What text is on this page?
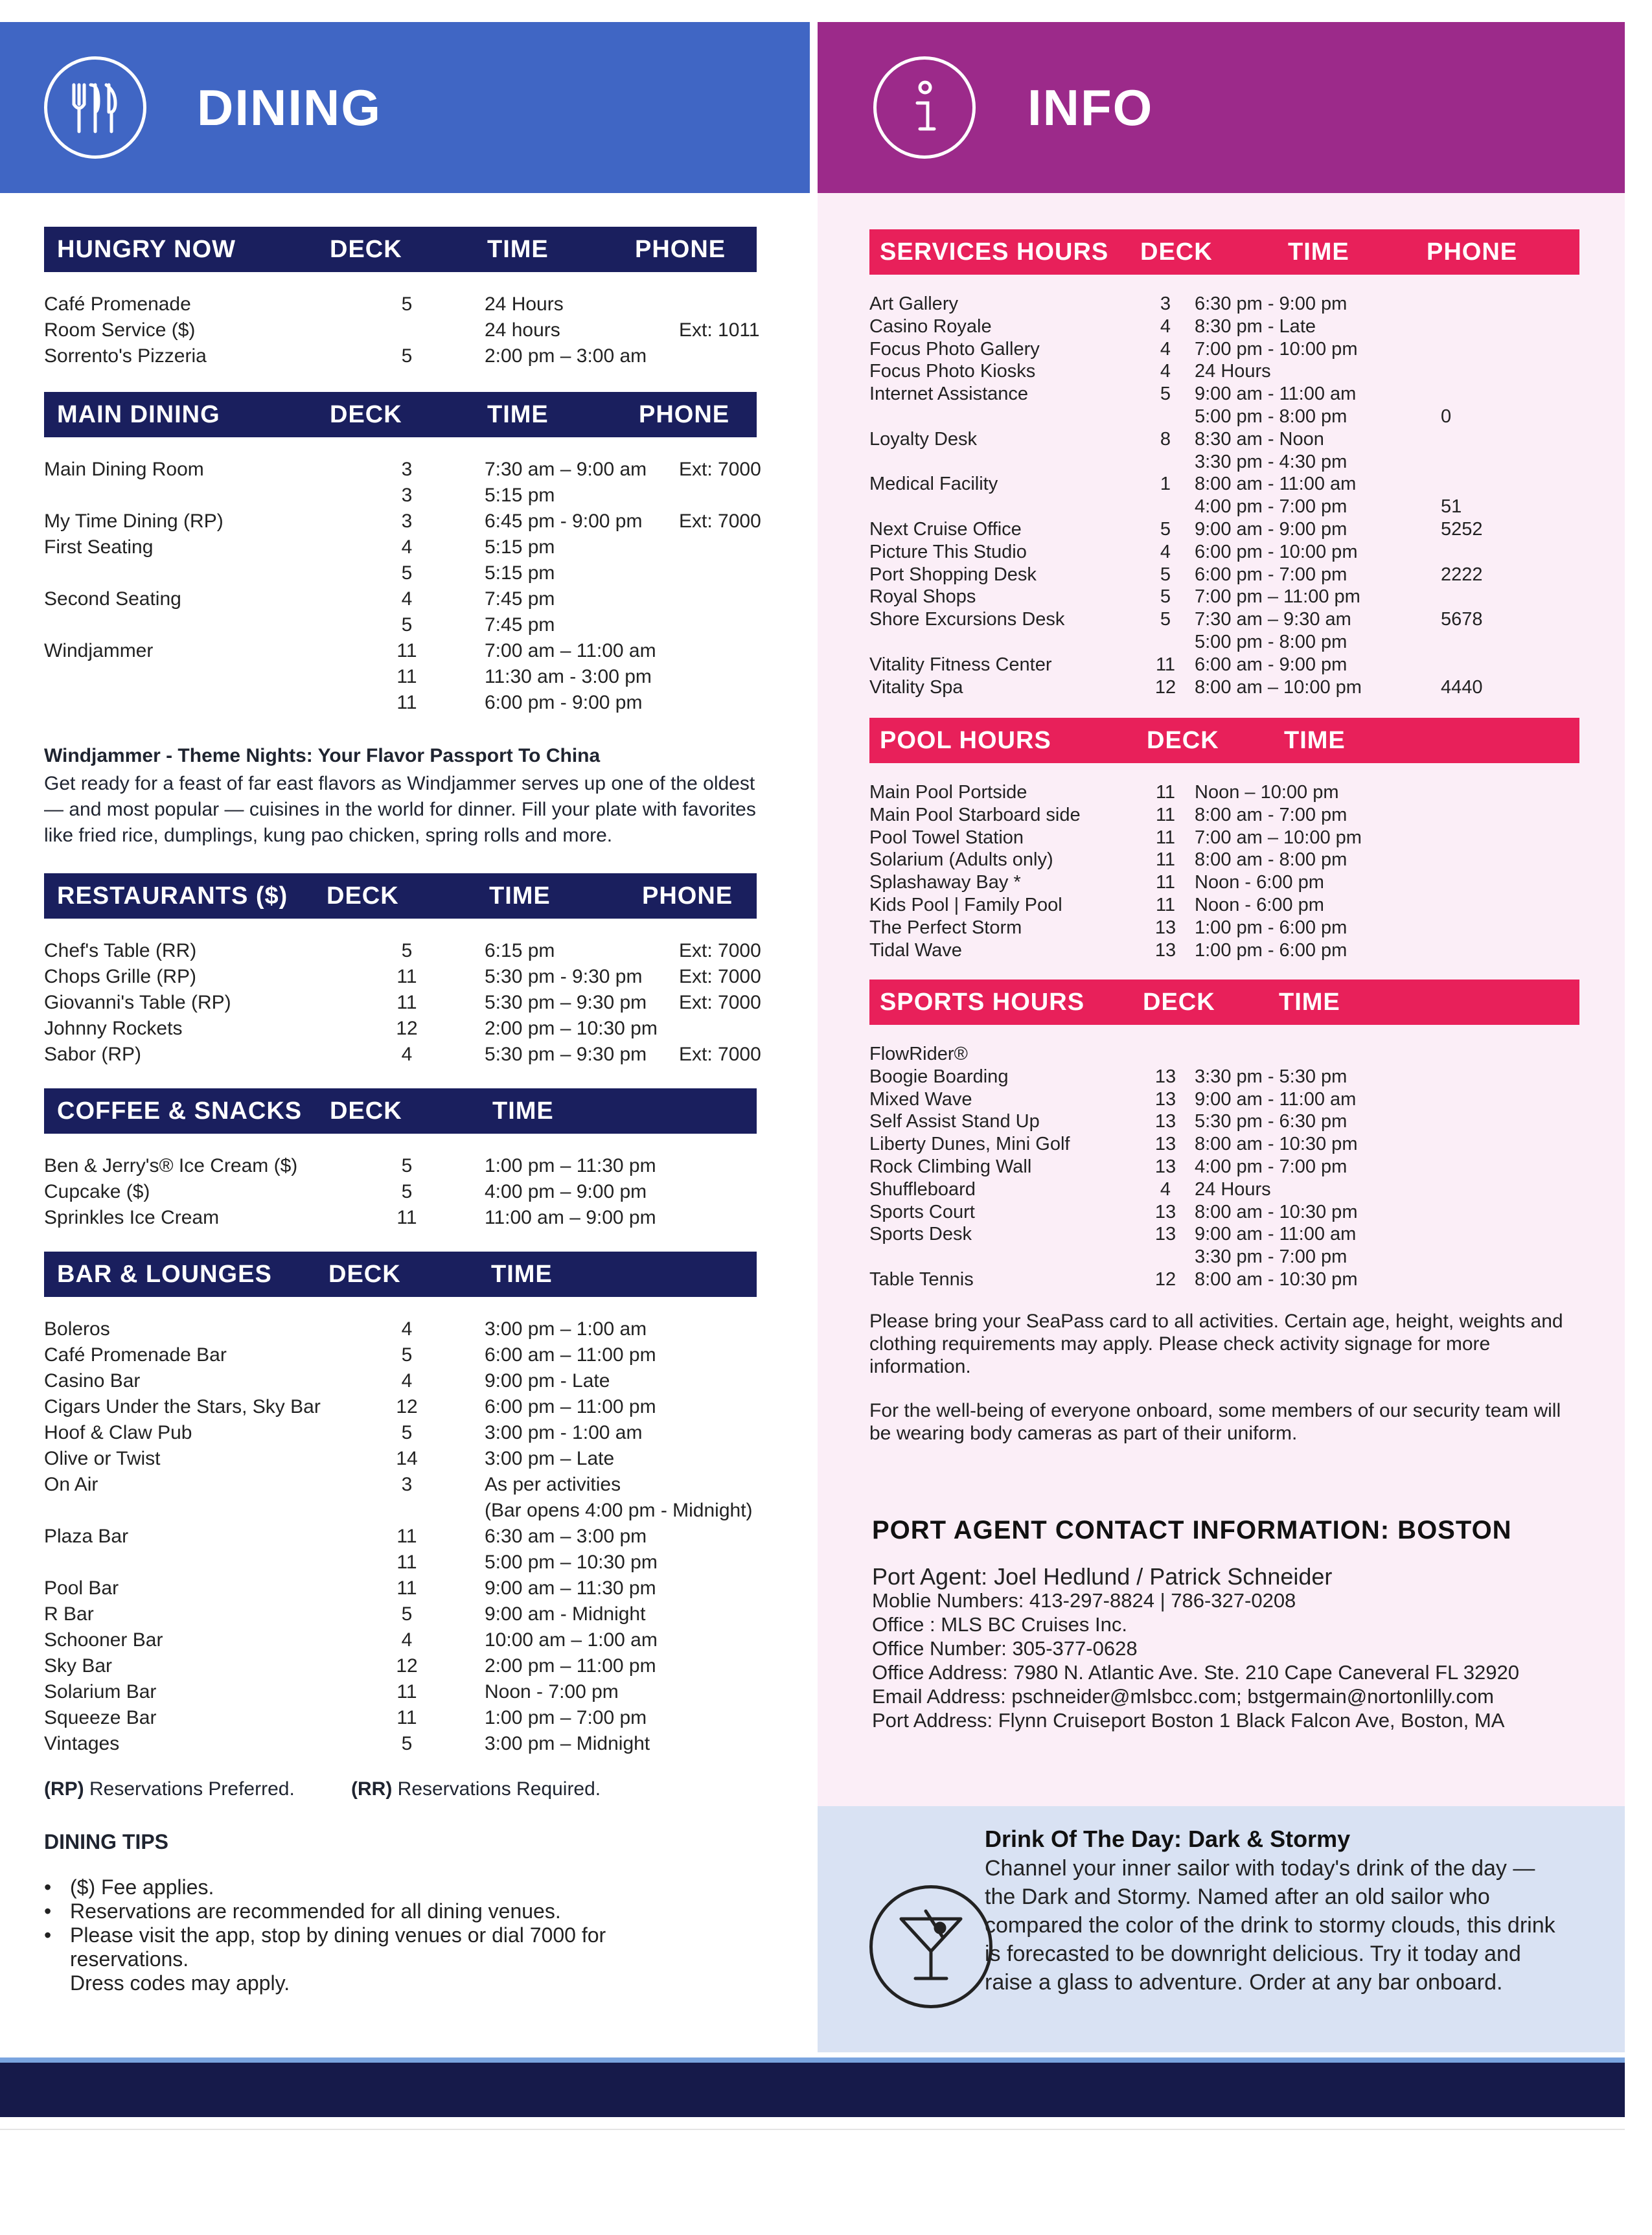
DINING	INFO
HUNGRY NOW	DECK	TIME	PHONE
Café Promenade	5	24 Hours
Room Service ($)	24 hours	Ext: 1011
Sorrento's Pizzeria	5	2:00 pm – 3:00 am
MAIN DINING	DECK	TIME	PHONE
Main Dining Room	3	7:30 am – 9:00 am	Ext: 7000
3	5:15 pm
My Time Dining (RP)	3	6:45 pm - 9:00 pm	Ext: 7000
First Seating	4	5:15 pm
5	5:15 pm
Second Seating	4	7:45 pm
5	7:45 pm
Windjammer	11	7:00 am – 11:00 am
11	11:30 am - 3:00 pm
11	6:00 pm - 9:00 pm
Windjammer - Theme Nights: Your Flavor Passport To China
Get ready for a feast of far east flavors as Windjammer serves up one of the oldest — and most popular — cuisines in the world for dinner. Fill your plate with favorites like fried rice, dumplings, kung pao chicken, spring rolls and more.
RESTAURANTS ($) DECK	TIME	PHONE
Chef's Table (RR)	5	6:15 pm	Ext: 7000
Chops Grille (RP)	11	5:30 pm - 9:30 pm	Ext: 7000
Giovanni's Table (RP)	11	5:30 pm – 9:30 pm	Ext: 7000
Johnny Rockets	12	2:00 pm – 10:30 pm
Sabor (RP)	4	5:30 pm – 9:30 pm	Ext: 7000
COFFEE & SNACKS DECK	TIME
Ben & Jerry's® Ice Cream ($)	5	1:00 pm – 11:30 pm
Cupcake ($)	5	4:00 pm – 9:00 pm
Sprinkles Ice Cream	11	11:00 am – 9:00 pm
BAR & LOUNGES DECK	TIME
Boleros	4	3:00 pm – 1:00 am
Café Promenade Bar	5	6:00 am – 11:00 pm
Casino Bar	4	9:00 pm - Late
Cigars Under the Stars, Sky Bar	12	6:00 pm – 11:00 pm
Hoof & Claw Pub	5	3:00 pm - 1:00 am
Olive or Twist	14	3:00 pm – Late
On Air	3	As per activities
(Bar opens 4:00 pm - Midnight)
Plaza Bar	11	6:30 am – 3:00 pm
11	5:00 pm – 10:30 pm
Pool Bar	11	9:00 am – 11:30 pm
R Bar	5	9:00 am - Midnight
Schooner Bar	4	10:00 am – 1:00 am
Sky Bar	12	2:00 pm – 11:00 pm
Solarium Bar	11	Noon - 7:00 pm
Squeeze Bar	11	1:00 pm – 7:00 pm
Vintages	5	3:00 pm – Midnight
(RP) Reservations Preferred.	(RR) Reservations Required.
DINING TIPS
• ($) Fee applies.
• Reservations are recommended for all dining venues.
• Please visit the app, stop by dining venues or dial 7000 for reservations.
Dress codes may apply.
SERVICES HOURS DECK	TIME	PHONE
Art Gallery	3	6:30 pm - 9:00 pm
Casino Royale	4	8:30 pm - Late
Focus Photo Gallery	4	7:00 pm - 10:00 pm
Focus Photo Kiosks	4	24 Hours
Internet Assistance	5	9:00 am - 11:00 am
5:00 pm - 8:00 pm	0
Loyalty Desk	8	8:30 am - Noon
3:30 pm - 4:30 pm
Medical Facility	1	8:00 am - 11:00 am
4:00 pm - 7:00 pm	51
Next Cruise Office	5	9:00 am - 9:00 pm	5252
Picture This Studio	4	6:00 pm - 10:00 pm
Port Shopping Desk	5	6:00 pm - 7:00 pm	2222
Royal Shops	5	7:00 pm – 11:00 pm
Shore Excursions Desk	5	7:30 am – 9:30 am	5678
5:00 pm - 8:00 pm
Vitality Fitness Center	11	6:00 am - 9:00 pm
Vitality Spa	12 8:00 am – 10:00 pm	4440
POOL HOURS	DECK	TIME
Main Pool Portside	11	Noon – 10:00 pm
Main Pool Starboard side	11	8:00 am - 7:00 pm
Pool Towel Station	11	7:00 am – 10:00 pm
Solarium (Adults only)	11	8:00 am - 8:00 pm
Splashaway Bay *	11	Noon - 6:00 pm
Kids Pool | Family Pool	11	Noon - 6:00 pm
The Perfect Storm	13 1:00 pm - 6:00 pm
Tidal Wave	13 1:00 pm - 6:00 pm
SPORTS HOURS DECK	TIME
FlowRider®
Boogie Boarding	13 3:30 pm - 5:30 pm
Mixed Wave	13 9:00 am - 11:00 am
Self Assist Stand Up	13 5:30 pm - 6:30 pm
Liberty Dunes, Mini Golf	13 8:00 am - 10:30 pm
Rock Climbing Wall	13 4:00 pm - 7:00 pm
Shuffleboard	4	24 Hours
Sports Court	13 8:00 am - 10:30 pm
Sports Desk	13 9:00 am - 11:00 am
3:30 pm - 7:00 pm
Table Tennis	12 8:00 am - 10:30 pm
Please bring your SeaPass card to all activities. Certain age, height, weights and clothing requirements may apply. Please check activity signage for more information.
For the well-being of everyone onboard, some members of our security team will be wearing body cameras as part of their uniform.
PORT AGENT CONTACT INFORMATION: BOSTON
Port Agent: Joel Hedlund / Patrick Schneider
Moblie Numbers: 413-297-8824 | 786-327-0208
Office : MLS BC Cruises Inc.
Office Number: 305-377-0628
Office Address: 7980 N. Atlantic Ave. Ste. 210 Cape Caneveral FL 32920
Email Address: pschneider@mlsbcc.com; bstgermain@nortonlilly.com
Port Address: Flynn Cruiseport Boston 1 Black Falcon Ave, Boston, MA
Drink Of The Day: Dark & Stormy
Channel your inner sailor with today's drink of the day — the Dark and Stormy. Named after an old sailor who compared the color of the drink to stormy clouds, this drink is forecasted to be downright delicious. Try it today and raise a glass to adventure. Order at any bar onboard.
